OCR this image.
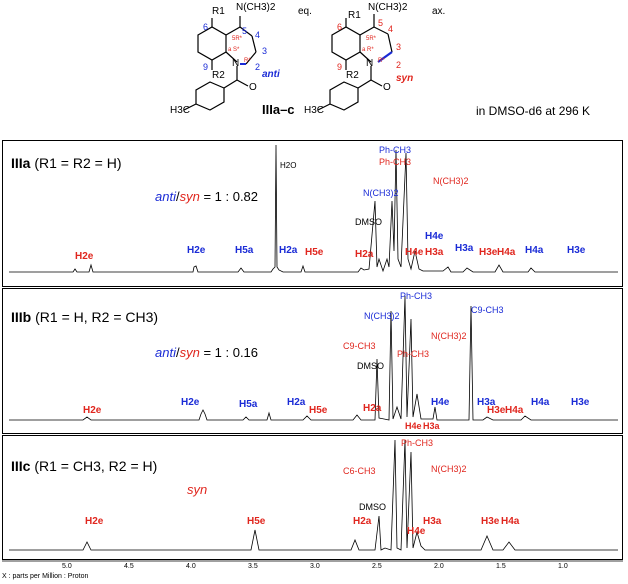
R1 N(CH3)2 eq.
6	5 4
3
2
9 N
R2
O
H3C
5R*
a S*
R*
anti
R1
N(CH3)2 ax.
6	5
4
3
2
9 N
R2
O
H3C
5R*
a R*
R*
syn
IIIa–c	in DMSO-d6 at 296 K
IIIa (R1 = R2 = H)
anti/syn = 1 : 0.82
H2O
DMSO
Ph-CH3
Ph-CH3
N(CH3)2
N(CH3)2
H2e
H2e	H5a	H2a H5e	H2a
H4e
H4e H3a H3a H3e H4a H4a H3e
IIIb (R1 = H, R2 = CH3)
anti/syn = 1 : 0.16
Ph-CH3
N(CH3)2
C9-CH3
C9-CH3
Ph-CH3
N(CH3)2
DMSO
H2e
H2e	H5a	H2a
H5e	H2a
H4e
H4e H3a
H3a
H3e H4a
H4a H3e
IIIc (R1 = CH3, R2 = H)
syn
Ph-CH3
C6-CH3	N(CH3)2
DMSO
H2e	H5e	H2a
H4e
H3a	H3e H4a
5.0	4.5	4.0	3.5	3.0	2.5	2.0	1.5	1.0
X : parts per Million : Proton
